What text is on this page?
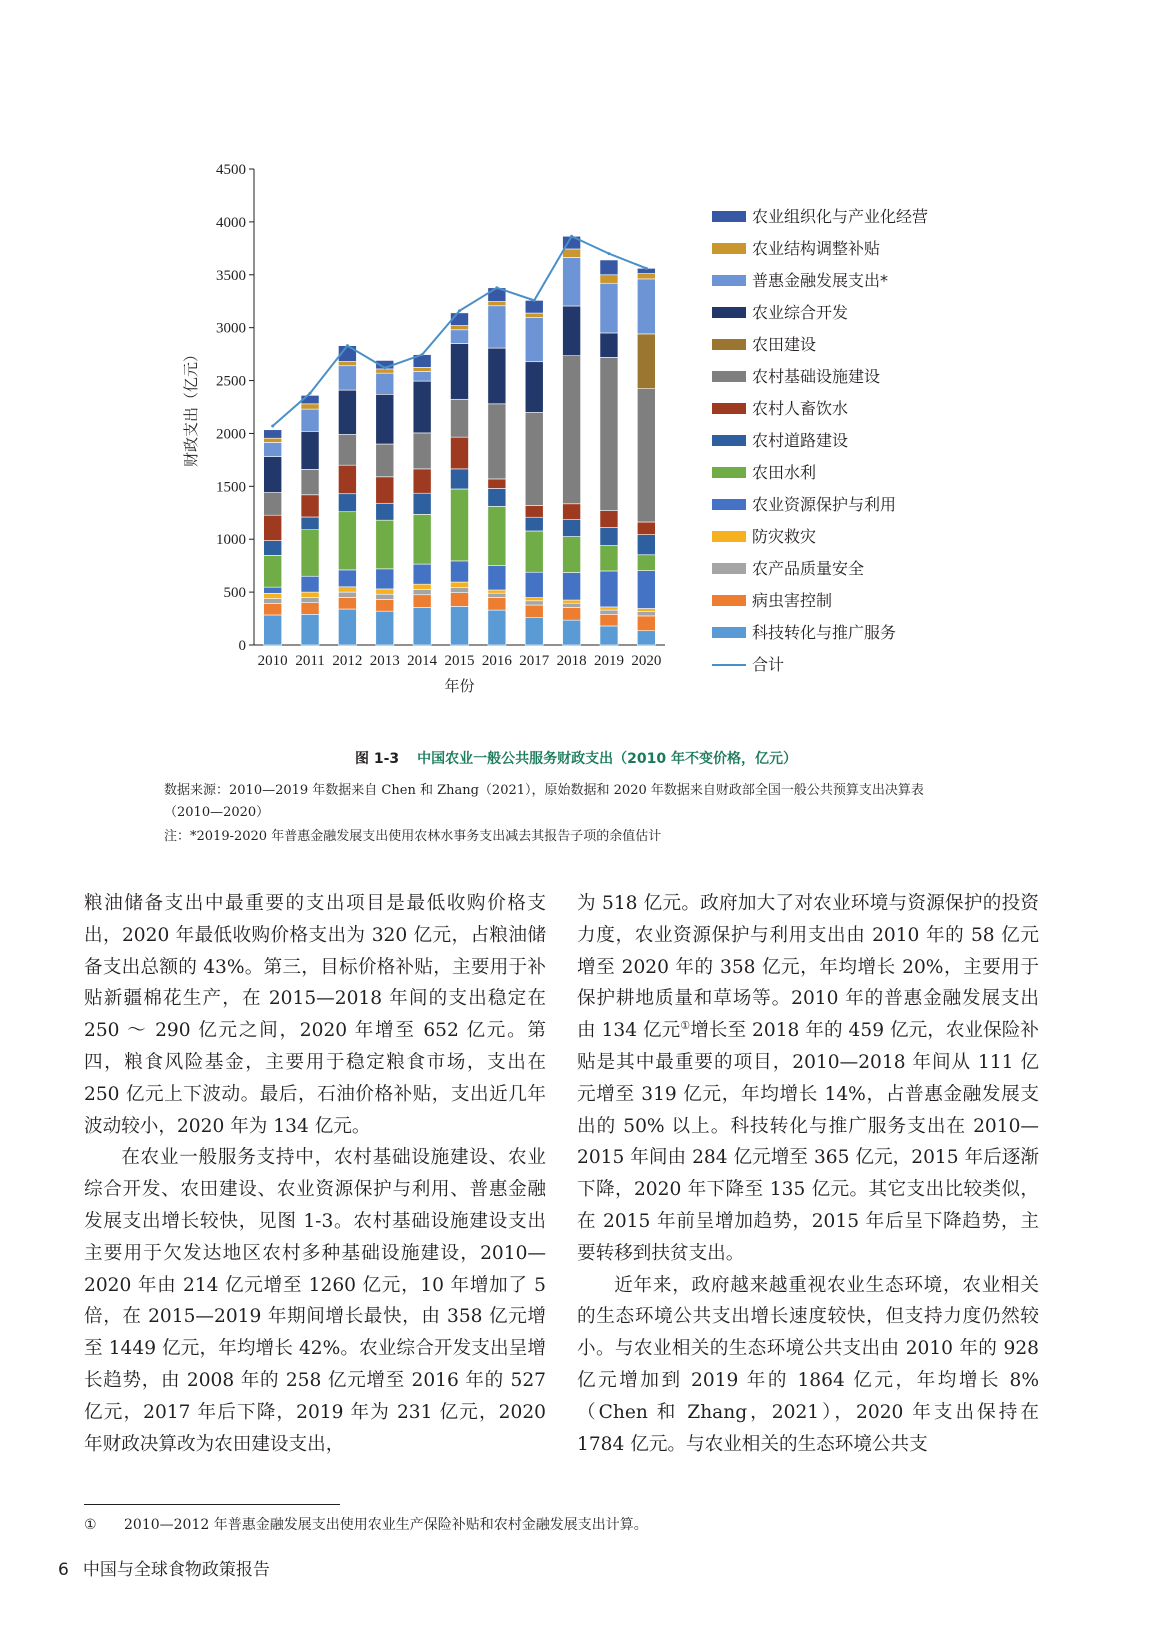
0
500
1000
1500
2000
2500
3000
3500
4000
4500
财政支出（亿元）
2010 2011 2012 2013 2014 2015 2016 2017 2018 2019 2020
年份
农业组织化与产业化经营
农业结构调整补贴
普惠金融发展支出*
农业综合开发
农田建设
农村基础设施建设
农村人畜饮水
农村道路建设
农田水利
农业资源保护与利用
防灾救灾
农产品质量安全
病虫害控制
科技转化与推广服务
合计
图 1-3 中国农业一般公共服务财政支出（2010 年不变价格，亿元）
数据来源：2010—2019 年数据来自 Chen 和 Zhang（2021），原始数据和 2020 年数据来自财政部全国一般公共预算支出决算表
（2010—2020）
注：*2019-2020 年普惠金融发展支出使用农林水事务支出减去其报告子项的余值估计

粮油储备支出中最重要的支出项目是最低收购价格支出，2020 年最低收购价格支出为 320 亿元，占粮油储备支出总额的 43%。第三，目标价格补贴，主要用于补贴新疆棉花生产，在 2015—2018 年间的支出稳定在 250 ～ 290 亿元之间，2020 年增至 652 亿元。第四，粮食风险基金，主要用于稳定粮食市场，支出在 250 亿元上下波动。最后，石油价格补贴，支出近几年波动较小，2020 年为 134 亿元。

在农业一般服务支持中，农村基础设施建设、农业综合开发、农田建设、农业资源保护与利用、普惠金融发展支出增长较快，见图 1-3。农村基础设施建设支出主要用于欠发达地区农村多种基础设施建设，2010—2020 年由 214 亿元增至 1260 亿元，10 年增加了 5 倍，在 2015—2019 年期间增长最快，由 358 亿元增至 1449 亿元，年均增长 42%。农业综合开发支出呈增长趋势，由 2008 年的 258 亿元增至 2016 年的 527 亿元，2017 年后下降，2019 年为 231 亿元，2020 年财政决算改为农田建设支出，

为 518 亿元。政府加大了对农业环境与资源保护的投资力度，农业资源保护与利用支出由 2010 年的 58 亿元增至 2020 年的 358 亿元，年均增长 20%，主要用于保护耕地质量和草场等。2010 年的普惠金融发展支出由 134 亿元①增长至 2018 年的 459 亿元，农业保险补贴是其中最重要的项目，2010—2018 年间从 111 亿元增至 319 亿元，年均增长 14%，占普惠金融发展支出的 50% 以上。科技转化与推广服务支出在 2010—2015 年间由 284 亿元增至 365 亿元，2015 年后逐渐下降，2020 年下降至 135 亿元。其它支出比较类似，在 2015 年前呈增加趋势，2015 年后呈下降趋势，主要转移到扶贫支出。

近年来，政府越来越重视农业生态环境，农业相关的生态环境公共支出增长速度较快，但支持力度仍然较小。与农业相关的生态环境公共支出由 2010 年的 928 亿元增加到 2019 年的 1864 亿元，年均增长 8%（Chen 和 Zhang，2021），2020 年支出保持在 1784 亿元。与农业相关的生态环境公共支

① 2010—2012 年普惠金融发展支出使用农业生产保险补贴和农村金融发展支出计算。
6 中国与全球食物政策报告
